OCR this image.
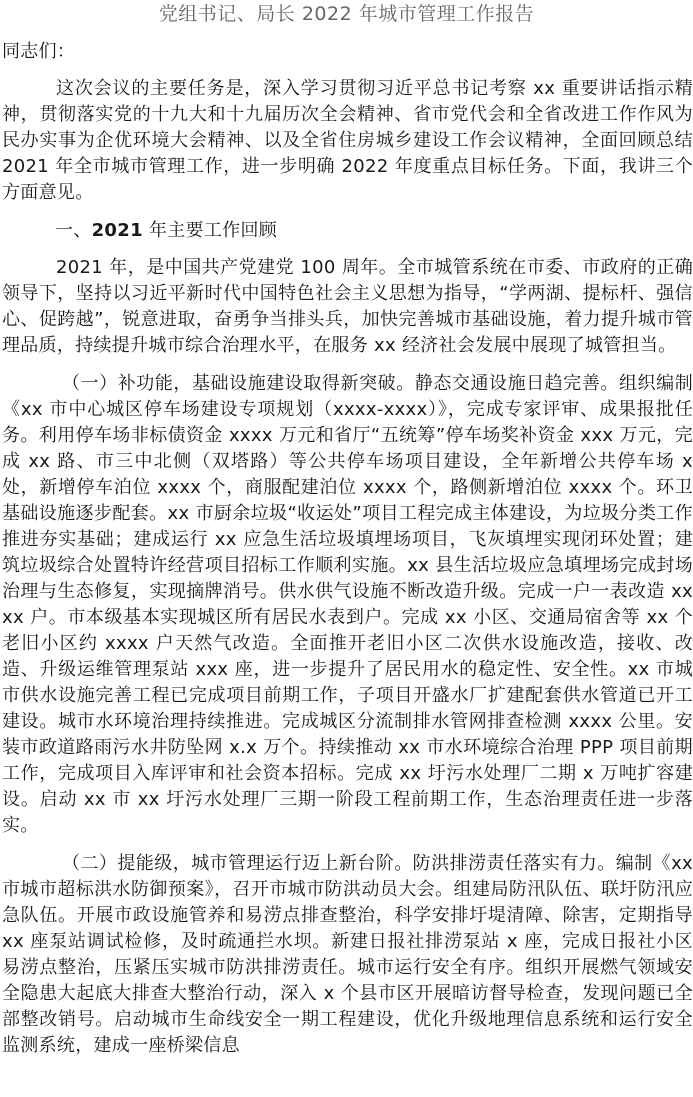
党组书记、局长 2022 年城市管理工作报告

同志们：

这次会议的主要任务是，深入学习贯彻习近平总书记考察 xx 重要讲话指示精神，贯彻落实党的十九大和十九届历次全会精神、省市党代会和全省改进工作作风为民办实事为企优环境大会精神、以及全省住房城乡建设工作会议精神，全面回顾总结 2021 年全市城市管理工作，进一步明确 2022 年度重点目标任务。下面，我讲三个方面意见。

一、2021 年主要工作回顾

2021 年，是中国共产党建党 100 周年。全市城管系统在市委、市政府的正确领导下，坚持以习近平新时代中国特色社会主义思想为指导，“学两湖、提标杆、强信心、促跨越”，锐意进取，奋勇争当排头兵，加快完善城市基础设施，着力提升城市管理品质，持续提升城市综合治理水平，在服务 xx 经济社会发展中展现了城管担当。

（一）补功能，基础设施建设取得新突破。静态交通设施日趋完善。组织编制《xx 市中心城区停车场建设专项规划（xxxx-xxxx）》，完成专家评审、成果报批任务。利用停车场非标债资金 xxxx 万元和省厅“五统筹”停车场奖补资金 xxx 万元，完成 xx 路、市三中北侧（双塔路）等公共停车场项目建设，全年新增公共停车场 x 处，新增停车泊位 xxxx 个，商服配建泊位 xxxx 个，路侧新增泊位 xxxx 个。环卫基础设施逐步配套。xx 市厨余垃圾“收运处”项目工程完成主体建设，为垃圾分类工作推进夯实基础；建成运行 xx 应急生活垃圾填埋场项目，飞灰填埋实现闭环处置；建筑垃圾综合处置特许经营项目招标工作顺利实施。xx 县生活垃圾应急填埋场完成封场治理与生态修复，实现摘牌消号。供水供气设施不断改造升级。完成一户一表改造 xxxx 户。市本级基本实现城区所有居民水表到户。完成 xx 小区、交通局宿舍等 xx 个老旧小区约 xxxx 户天然气改造。全面推开老旧小区二次供水设施改造，接收、改造、升级运维管理泵站 xxx 座，进一步提升了居民用水的稳定性、安全性。xx 市城市供水设施完善工程已完成项目前期工作，子项目开盛水厂扩建配套供水管道已开工建设。城市水环境治理持续推进。完成城区分流制排水管网排查检测 xxxx 公里。安装市政道路雨污水井防坠网 x.x 万个。持续推动 xx 市水环境综合治理 PPP 项目前期工作，完成项目入库评审和社会资本招标。完成 xx 圩污水处理厂二期 x 万吨扩容建设。启动 xx 市 xx 圩污水处理厂三期一阶段工程前期工作，生态治理责任进一步落实。

（二）提能级，城市管理运行迈上新台阶。防洪排涝责任落实有力。编制《xx 市城市超标洪水防御预案》，召开市城市防洪动员大会。组建局防汛队伍、联圩防汛应急队伍。开展市政设施管养和易涝点排查整治，科学安排圩堤清障、除害，定期指导 xx 座泵站调试检修，及时疏通拦水坝。新建日报社排涝泵站 x 座，完成日报社小区易涝点整治，压紧压实城市防洪排涝责任。城市运行安全有序。组织开展燃气领域安全隐患大起底大排查大整治行动，深入 x 个县市区开展暗访督导检查，发现问题已全部整改销号。启动城市生命线安全一期工程建设，优化升级地理信息系统和运行安全监测系统，建成一座桥梁信息
